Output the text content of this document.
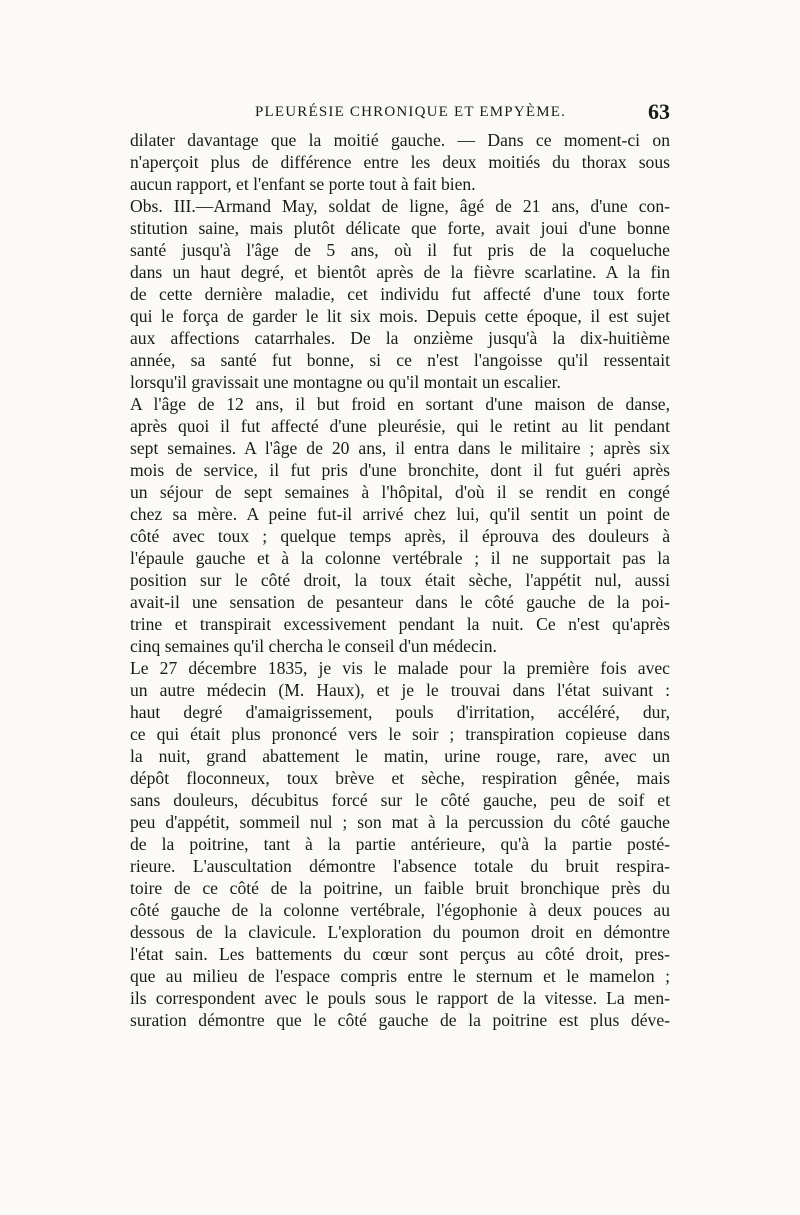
PLEURÉSIE CHRONIQUE ET EMPYÈME.	63
dilater davantage que la moitié gauche. — Dans ce moment-ci on
n'aperçoit plus de différence entre les deux moitiés du thorax sous
aucun rapport, et l'enfant se porte tout à fait bien.
Obs. III.—Armand May, soldat de ligne, âgé de 21 ans, d'une con-
stitution saine, mais plutôt délicate que forte, avait joui d'une bonne
santé jusqu'à l'âge de 5 ans, où il fut pris de la coqueluche
dans un haut degré, et bientôt après de la fièvre scarlatine. A la fin
de cette dernière maladie, cet individu fut affecté d'une toux forte
qui le força de garder le lit six mois. Depuis cette époque, il est sujet
aux affections catarrhales. De la onzième jusqu'à la dix-huitième
année, sa santé fut bonne, si ce n'est l'angoisse qu'il ressentait
lorsqu'il gravissait une montagne ou qu'il montait un escalier.
A l'âge de 12 ans, il but froid en sortant d'une maison de danse,
après quoi il fut affecté d'une pleurésie, qui le retint au lit pendant
sept semaines. A l'âge de 20 ans, il entra dans le militaire ; après six
mois de service, il fut pris d'une bronchite, dont il fut guéri après
un séjour de sept semaines à l'hôpital, d'où il se rendit en congé
chez sa mère. A peine fut-il arrivé chez lui, qu'il sentit un point de
côté avec toux ; quelque temps après, il éprouva des douleurs à
l'épaule gauche et à la colonne vertébrale ; il ne supportait pas la
position sur le côté droit, la toux était sèche, l'appétit nul, aussi
avait-il une sensation de pesanteur dans le côté gauche de la poi-
trine et transpirait excessivement pendant la nuit. Ce n'est qu'après
cinq semaines qu'il chercha le conseil d'un médecin.
Le 27 décembre 1835, je vis le malade pour la première fois avec
un autre médecin (M. Haux), et je le trouvai dans l'état suivant :
haut degré d'amaigrissement, pouls d'irritation, accéléré, dur,
ce qui était plus prononcé vers le soir ; transpiration copieuse dans
la nuit, grand abattement le matin, urine rouge, rare, avec un
dépôt floconneux, toux brève et sèche, respiration gênée, mais
sans douleurs, décubitus forcé sur le côté gauche, peu de soif et
peu d'appétit, sommeil nul ; son mat à la percussion du côté gauche
de la poitrine, tant à la partie antérieure, qu'à la partie posté-
rieure. L'auscultation démontre l'absence totale du bruit respira-
toire de ce côté de la poitrine, un faible bruit bronchique près du
côté gauche de la colonne vertébrale, l'égophonie à deux pouces au
dessous de la clavicule. L'exploration du poumon droit en démontre
l'état sain. Les battements du cœur sont perçus au côté droit, pres-
que au milieu de l'espace compris entre le sternum et le mamelon ;
ils correspondent avec le pouls sous le rapport de la vitesse. La men-
suration démontre que le côté gauche de la poitrine est plus déve-
